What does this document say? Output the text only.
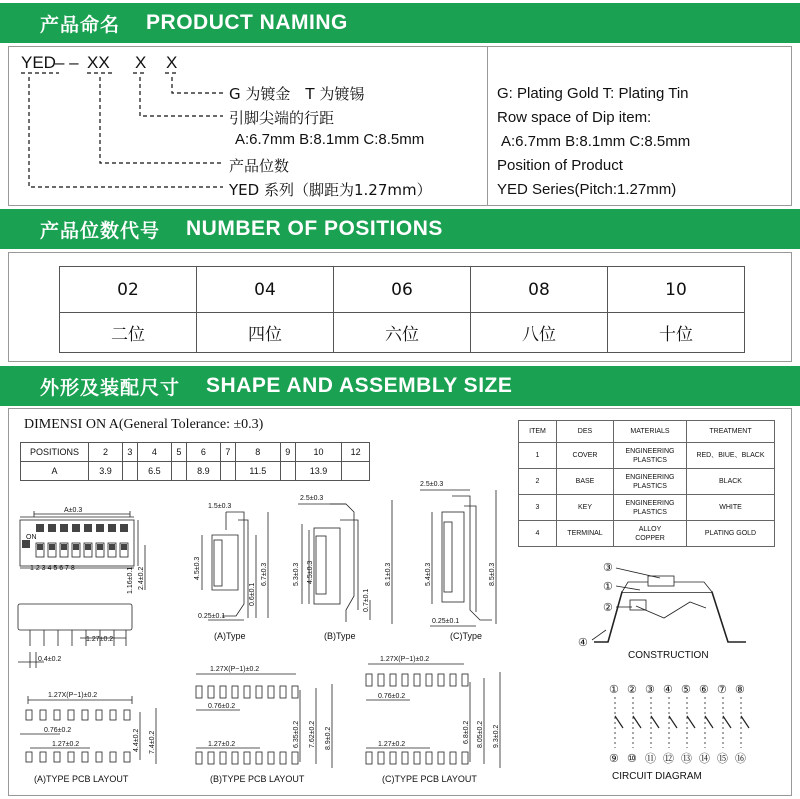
产品命名 PRODUCT NAMING
YED – – XX X X
G 为镀金　T 为镀锡
引脚尖端的行距
A:6.7mm B:8.1mm C:8.5mm
产品位数
YED 系列（脚距为1.27mm）
G: Plating Gold T: Plating Tin
Row space of Dip item:
A:6.7mm B:8.1mm C:8.5mm
Position of Product
YED Series(Pitch:1.27mm)
产品位数代号 NUMBER OF POSITIONS
02	04	06	08	10
二位	四位	六位	八位	十位
外形及装配尺寸 SHAPE AND ASSEMBLY SIZE
DIMENSI ON A(General Tolerance: ±0.3)
POSITIONS	2	3	4	5	6	7	8	9	10	12
A	3.9		6.5		8.9		11.5		13.9	
ITEM	DES	MATERIALS	TREATMENT
1	COVER	ENGINEERING
PLASTICS	RED、BIUE、BLACK
2	BASE	ENGINEERING
PLASTICS	BLACK
3	KEY	ENGINEERING
PLASTICS	WHITE
4	TERMINAL	ALLOY
COPPER	PLATING GOLD
A±0.3
ON
1 2 3 4 5 6 7 8	1.16±0.1 2.4±0.2
1.27±0.2
0.4±0.2
1.5±0.3
4.5±0.3	6.7±0.3
0.6±0.1
0.25±0.1
(A)Type
2.5±0.3
5.3±0.3 4.5±0.3
0.7±0.1
8.1±0.3
(B)Type
2.5±0.3
5.4±0.3	8.5±0.3
0.25±0.1
(C)Type
1.27X(P−1)±0.2
0.76±0.2
1.27±0.2	4.4±0.2 7.4±0.2
(A)TYPE PCB LAYOUT
1.27X(P−1)±0.2
0.76±0.2
1.27±0.2	6.35±0.2 7.62±0.2 8.9±0.2
(B)TYPE PCB LAYOUT
1.27X(P−1)±0.2
0.76±0.2
1.27±0.2
6.8±0.2 8.05±0.2 9.3±0.2
(C)TYPE PCB LAYOUT
③
①
②
④
CONSTRUCTION
① ② ③ ④ ⑤ ⑥ ⑦ ⑧
⑨ ⑩ ⑪ ⑫ ⑬ ⑭ ⑮ ⑯
CIRCUIT DIAGRAM
